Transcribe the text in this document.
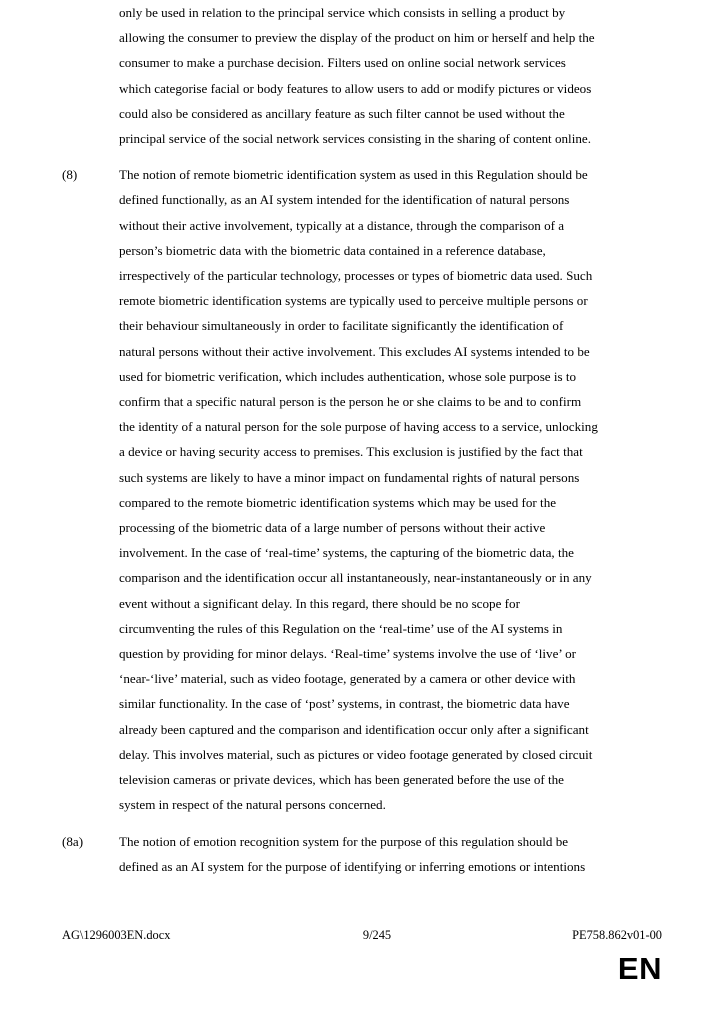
only be used in relation to the principal service which consists in selling a product by
allowing the consumer to preview the display of the product on him or herself and help the
consumer to make a purchase decision. Filters used on online social network services
which categorise facial or body features to allow users to add or modify pictures or videos
could also be considered as ancillary feature as such filter cannot be used without the
principal service of the social network services consisting in the sharing of content online.
(8)	The notion of remote biometric identification system as used in this Regulation should be
defined functionally, as an AI system intended for the identification of natural persons
without their active involvement, typically at a distance, through the comparison of a
person’s biometric data with the biometric data contained in a reference database,
irrespectively of the particular technology, processes or types of biometric data used. Such
remote biometric identification systems are typically used to perceive multiple persons or
their behaviour simultaneously in order to facilitate significantly the identification of
natural persons without their active involvement. This excludes AI systems intended to be
used for biometric verification, which includes authentication, whose sole purpose is to
confirm that a specific natural person is the person he or she claims to be and to confirm
the identity of a natural person for the sole purpose of having access to a service, unlocking
a device or having security access to premises. This exclusion is justified by the fact that
such systems are likely to have a minor impact on fundamental rights of natural persons
compared to the remote biometric identification systems which may be used for the
processing of the biometric data of a large number of persons without their active
involvement. In the case of ‘real-time’ systems, the capturing of the biometric data, the
comparison and the identification occur all instantaneously, near-instantaneously or in any
event without a significant delay. In this regard, there should be no scope for
circumventing the rules of this Regulation on the ‘real-time’ use of the AI systems in
question by providing for minor delays. ‘Real-time’ systems involve the use of ‘live’ or
‘near-‘live’ material, such as video footage, generated by a camera or other device with
similar functionality. In the case of ‘post’ systems, in contrast, the biometric data have
already been captured and the comparison and identification occur only after a significant
delay. This involves material, such as pictures or video footage generated by closed circuit
television cameras or private devices, which has been generated before the use of the
system in respect of the natural persons concerned.
(8a)	The notion of emotion recognition system for the purpose of this regulation should be
defined as an AI system for the purpose of identifying or inferring emotions or intentions
AG\1296003EN.docx	9/245	PE758.862v01-00
EN
